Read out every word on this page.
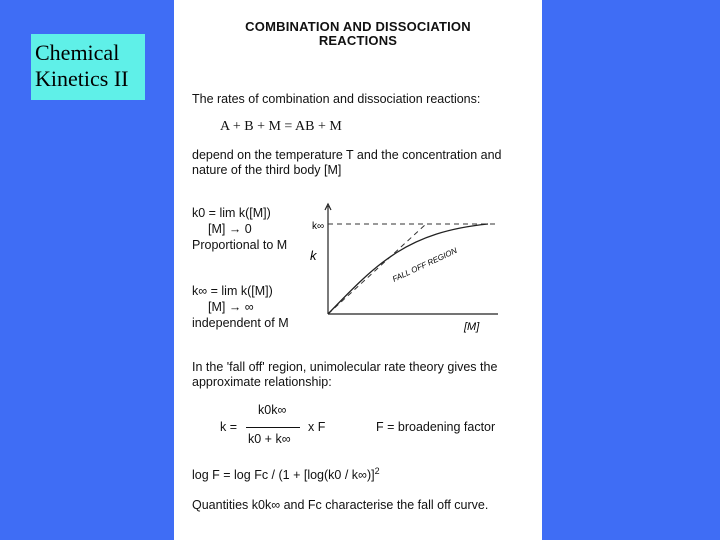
Chemical
Kinetics II
COMBINATION AND DISSOCIATION
REACTIONS
The rates of combination and dissociation reactions:
A + B + M = AB + M
depend on the temperature T and the concentration and
nature of the third body [M]
k0 = lim k([M])
[M] → 0
Proportional to M
k∞ = lim k([M])
[M] → ∞
independent of M
k
k∞
[M]
FALL OFF REGION
In the 'fall off' region, unimolecular rate theory gives the
approximate relationship:
k =
k0k∞
k0 + k∞
x F	F = broadening factor
log F = log Fc / (1 + [log(k0 / k∞)]$^2$
Quantities k0k∞ and Fc characterise the fall off curve.
